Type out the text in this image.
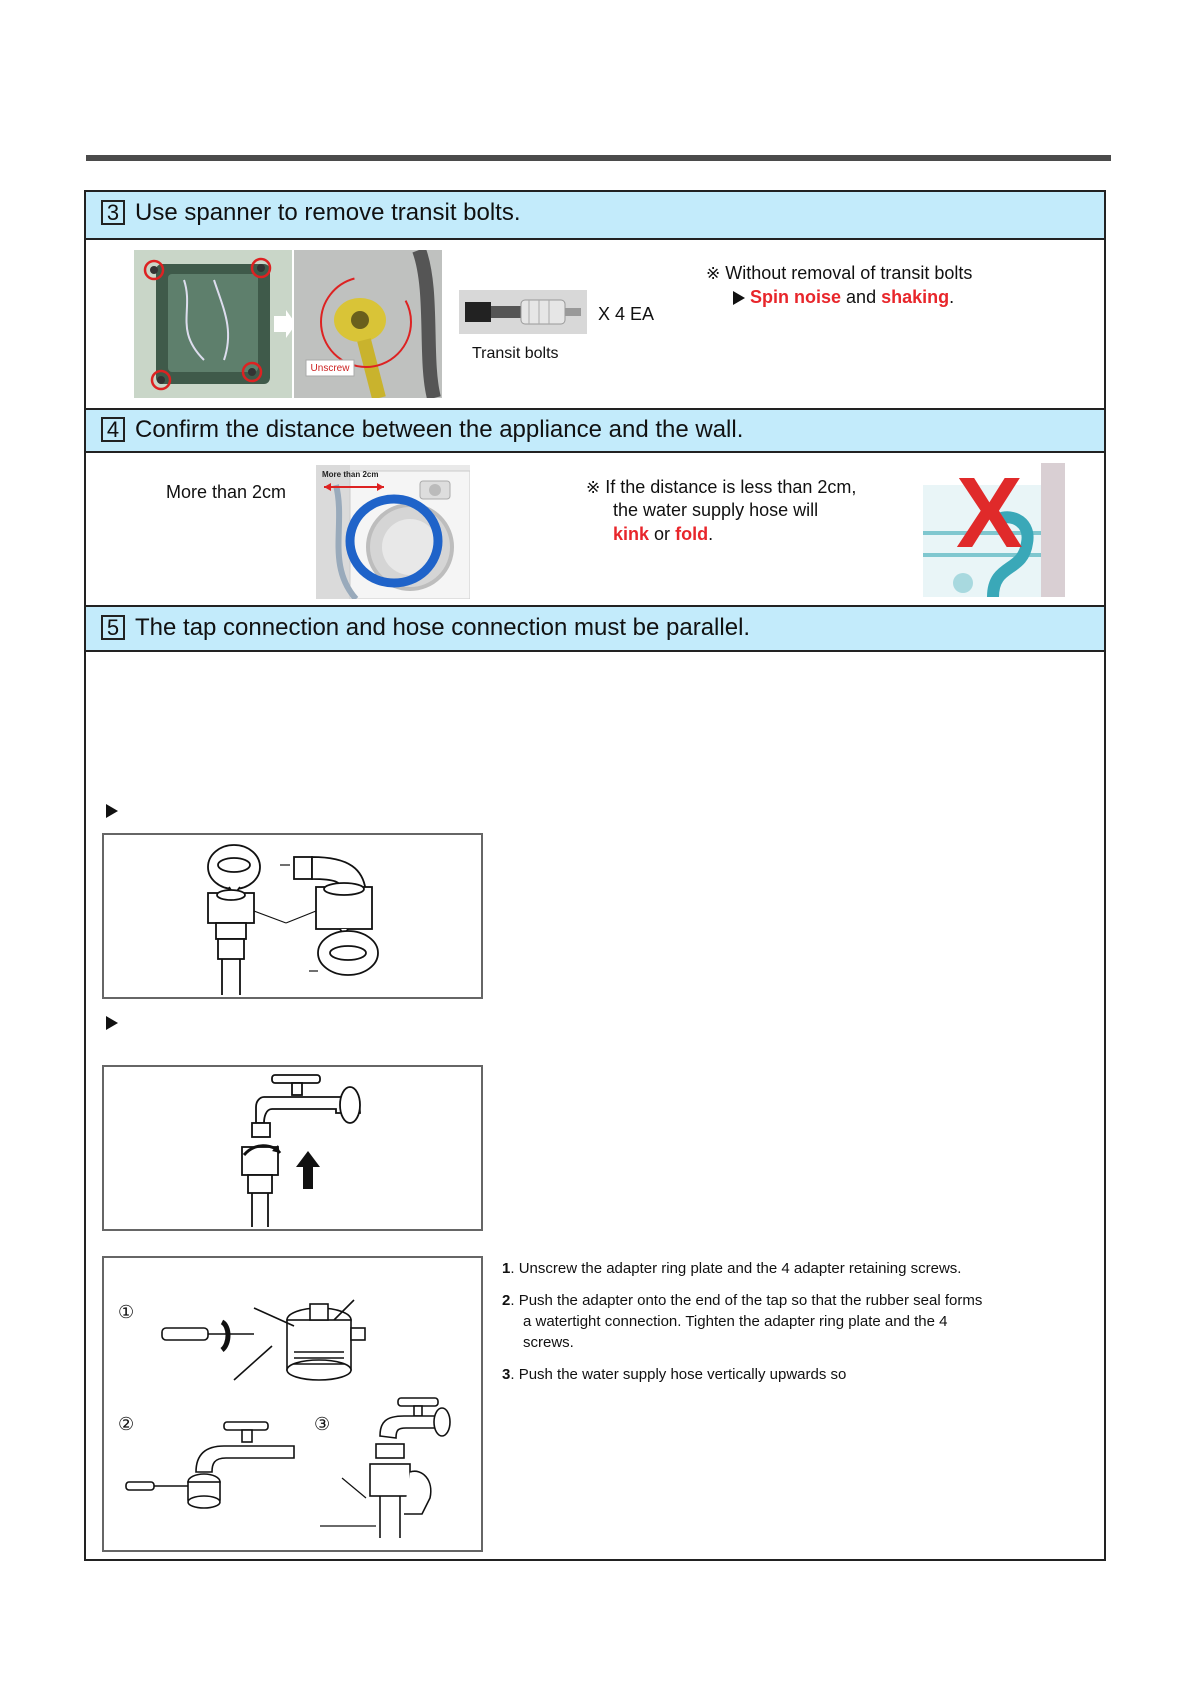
3 Use spanner to remove transit bolts.
Unscrew
X 4 EA
Transit bolts
※ Without removal of transit bolts
Spin noise and shaking.
4 Confirm the distance between the appliance and the wall.
More than 2cm
More than 2cm
※ If the distance is less than 2cm,
the water supply hose will
kink or fold. X
5 The tap connection and hose connection must be parallel.
①
②	③
1. Unscrew the adapter ring plate and the 4 adapter retaining screws.
2. Push the adapter onto the end of the tap so that the rubber seal forms
a watertight connection. Tighten the adapter ring plate and the 4
screws.
3. Push the water supply hose vertically upwards so
